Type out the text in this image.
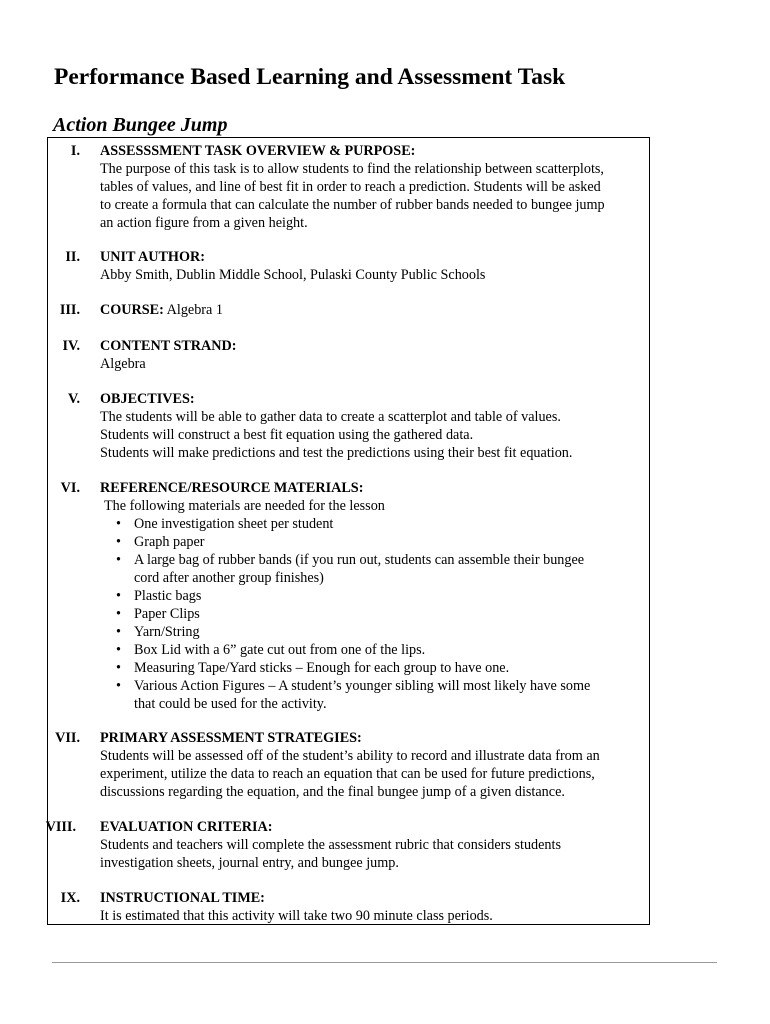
Performance Based Learning and Assessment Task
Action Bungee Jump
I. ASSESSSMENT TASK OVERVIEW & PURPOSE:
The purpose of this task is to allow students to find the relationship between scatterplots,
tables of values, and line of best fit in order to reach a prediction. Students will be asked
to create a formula that can calculate the number of rubber bands needed to bungee jump
an action figure from a given height.
II. UNIT AUTHOR:
Abby Smith, Dublin Middle School, Pulaski County Public Schools
III. COURSE: Algebra 1
IV. CONTENT STRAND:
Algebra
V. OBJECTIVES:
The students will be able to gather data to create a scatterplot and table of values.
Students will construct a best fit equation using the gathered data.
Students will make predictions and test the predictions using their best fit equation.
VI. REFERENCE/RESOURCE MATERIALS:
The following materials are needed for the lesson
• One investigation sheet per student
• Graph paper
• A large bag of rubber bands (if you run out, students can assemble their bungee
cord after another group finishes)
• Plastic bags
• Paper Clips
• Yarn/String
• Box Lid with a 6” gate cut out from one of the lips.
• Measuring Tape/Yard sticks – Enough for each group to have one.
• Various Action Figures – A student’s younger sibling will most likely have some
that could be used for the activity.
VII. PRIMARY ASSESSMENT STRATEGIES:
Students will be assessed off of the student’s ability to record and illustrate data from an
experiment, utilize the data to reach an equation that can be used for future predictions,
discussions regarding the equation, and the final bungee jump of a given distance.
VIII. EVALUATION CRITERIA:
Students and teachers will complete the assessment rubric that considers students
investigation sheets, journal entry, and bungee jump.
IX. INSTRUCTIONAL TIME:
It is estimated that this activity will take two 90 minute class periods.
